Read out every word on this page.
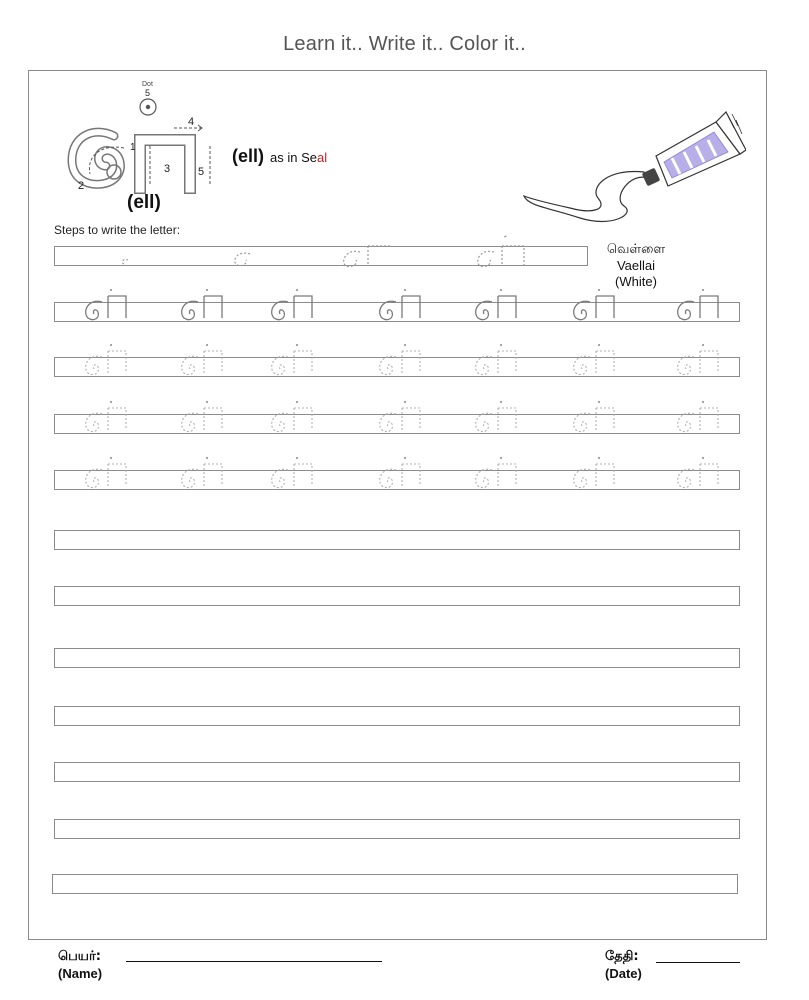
Learn it.. Write it.. Color it..
1
2
3
4
5
Dot
5
(ell) as in Seal
(ell)
Steps to write the letter:
வெள்ளை
Vaellai
(White)
பெயர்:
(Name)
தேதி:
(Date)
